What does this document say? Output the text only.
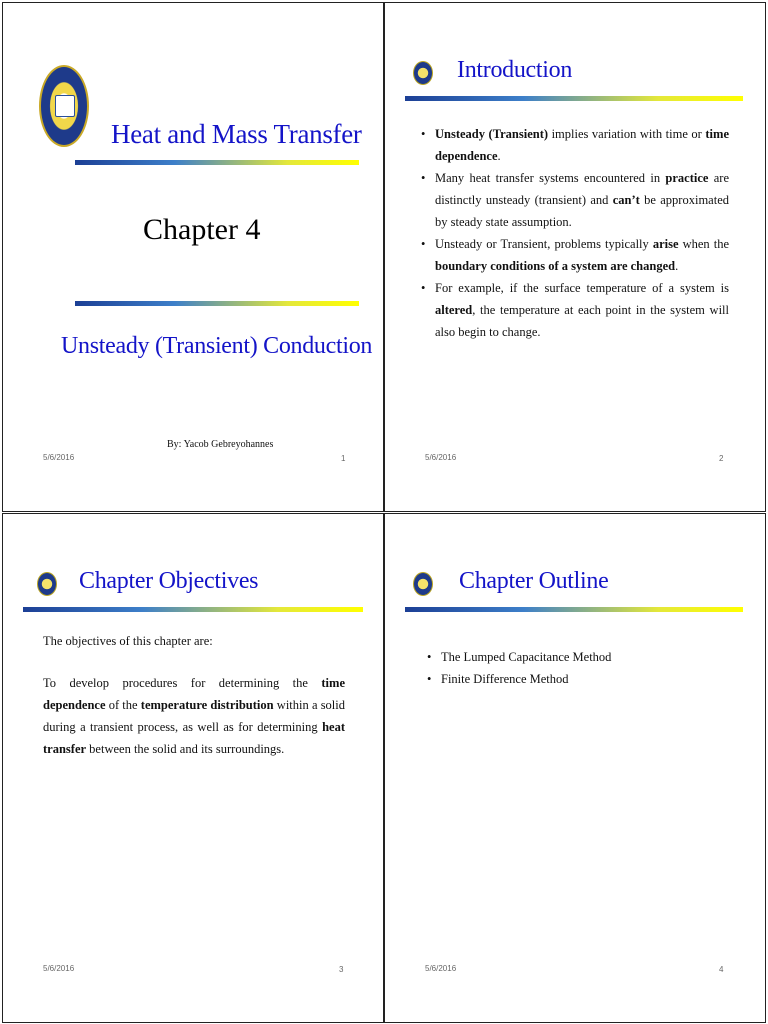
Heat and Mass Transfer
Chapter 4
Unsteady (Transient) Conduction
By: Yacob Gebreyohannes
5/6/2016	1
Introduction
• Unsteady (Transient) implies variation with time or time dependence.
• Many heat transfer systems encountered in practice are distinctly unsteady (transient) and can’t be approximated by steady state assumption.
• Unsteady or Transient, problems typically arise when the boundary conditions of a system are changed.
• For example, if the surface temperature of a system is altered, the temperature at each point in the system will also begin to change.
5/6/2016	2
Chapter Objectives

The objectives of this chapter are:

To develop procedures for determining the time dependence of the temperature distribution within a solid during a transient process, as well as for determining heat transfer between the solid and its surroundings.

5/6/2016	3
Chapter Outline
• The Lumped Capacitance Method
• Finite Difference Method
5/6/2016	4
